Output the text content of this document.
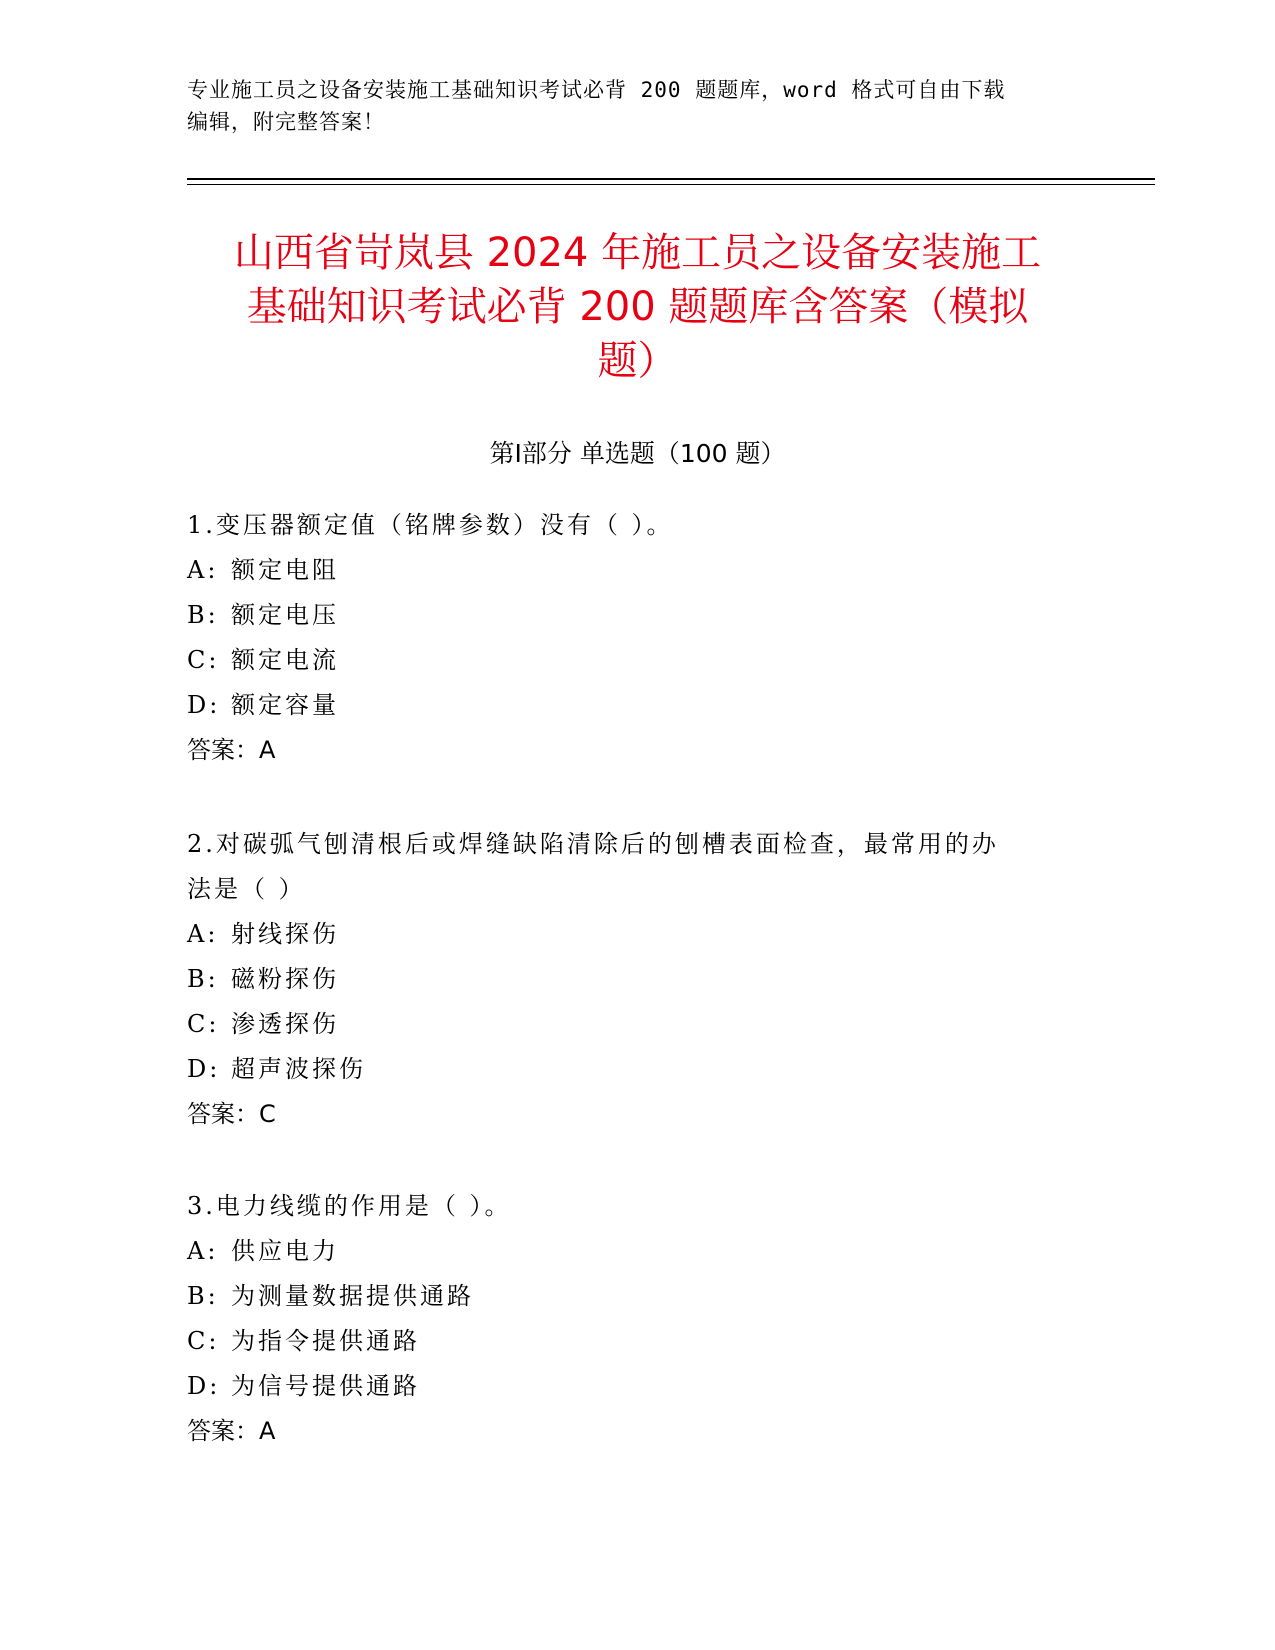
专业施工员之设备安装施工基础知识考试必背 200 题题库，word 格式可自由下载
编辑，附完整答案！
山西省岢岚县 2024 年施工员之设备安装施工
基础知识考试必背 200 题题库含答案（模拟
题）
第Ⅰ部分 单选题（100 题）
1.变压器额定值（铭牌参数）没有（ ）。
A: 额定电阻
B: 额定电压
C: 额定电流
D: 额定容量
答案：A
2.对碳弧气刨清根后或焊缝缺陷清除后的刨槽表面检查，最常用的办
法是（ ）
A: 射线探伤
B: 磁粉探伤
C: 渗透探伤
D: 超声波探伤
答案：C
3.电力线缆的作用是（ ）。
A: 供应电力
B: 为测量数据提供通路
C: 为指令提供通路
D: 为信号提供通路
答案：A
